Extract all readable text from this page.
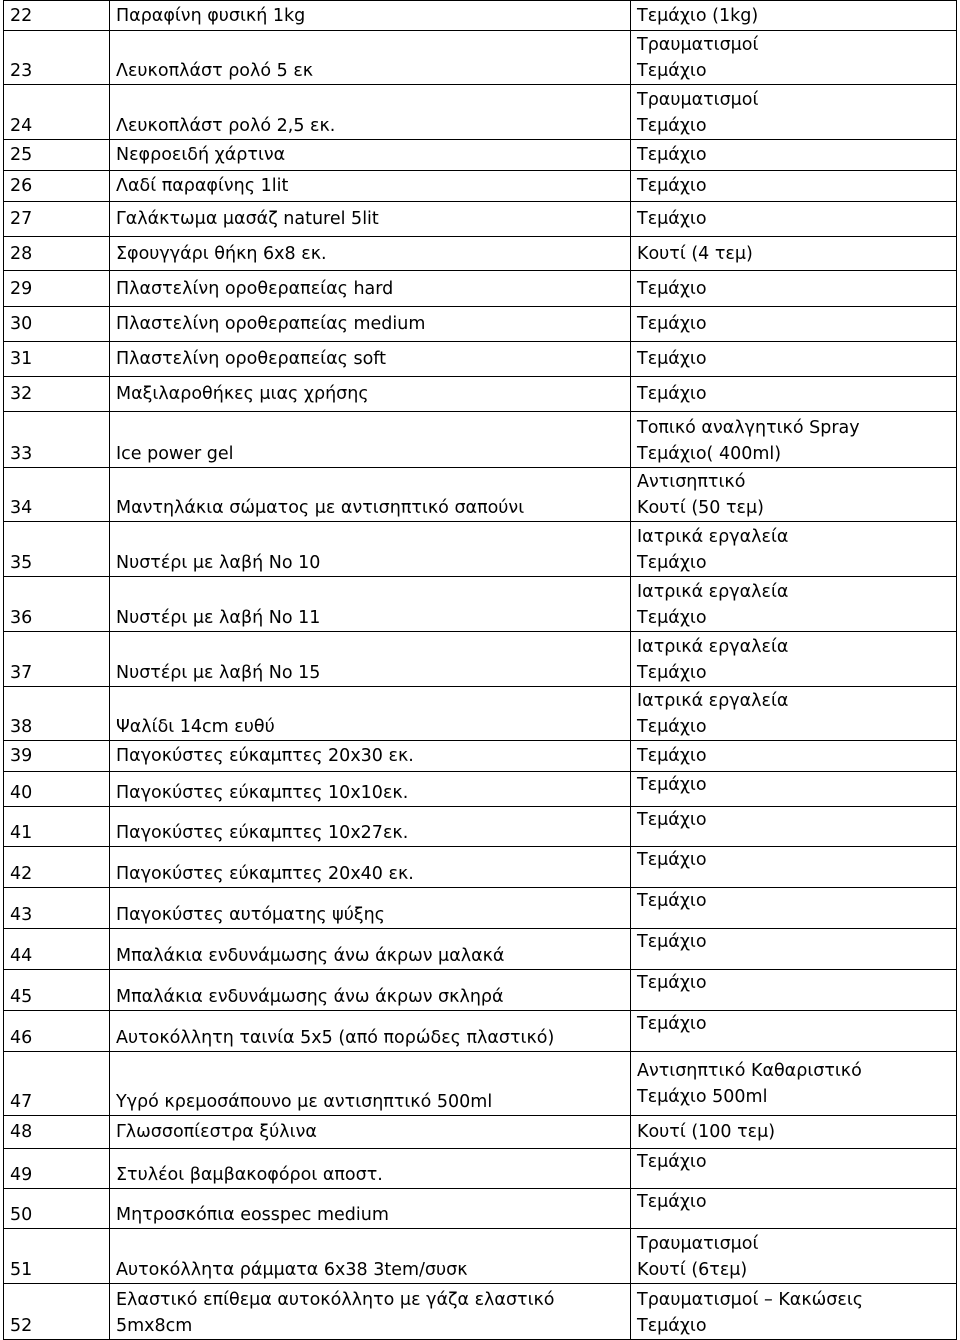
22	Παραφίνη φυσική 1kg	Τεμάχιο (1kg)

23	Λευκοπλάστ ρολό 5 εκ	Τραυματισμοί
Τεμάχιο

24	Λευκοπλάστ ρολό 2,5 εκ.	Τραυματισμοί
Τεμάχιο

25	Νεφροειδή χάρτινα	Τεμάχιο

26	Λαδί παραφίνης 1lit	Τεμάχιο

27	Γαλάκτωμα μασάζ naturel 5lit	Τεμάχιο

28	Σφουγγάρι θήκη 6x8 εκ.	Κουτί (4 τεμ)

29	Πλαστελίνη οροθεραπείας hard	Τεμάχιο

30	Πλαστελίνη οροθεραπείας medium	Τεμάχιο

31	Πλαστελίνη οροθεραπείας soft	Τεμάχιο

32	Μαξιλαροθήκες μιας χρήσης	Τεμάχιο

33	Ice power gel	Τοπικό αναλγητικό Spray
Τεμάχιο( 400ml)

34	Μαντηλάκια σώματος με αντισηπτικό σαπούνι	Αντισηπτικό
Κουτί (50 τεμ)

35	Νυστέρι με λαβή No 10	Ιατρικά εργαλεία
Τεμάχιο

36	Νυστέρι με λαβή No 11	Ιατρικά εργαλεία
Τεμάχιο

37	Νυστέρι με λαβή No 15	Ιατρικά εργαλεία
Τεμάχιο

38	Ψαλίδι 14cm ευθύ	Ιατρικά εργαλεία
Τεμάχιο

39	Παγοκύστες εύκαμπτες 20x30 εκ.	Τεμάχιο

40	Παγοκύστες εύκαμπτες 10x10εκ.	Τεμάχιο

41	Παγοκύστες εύκαμπτες 10x27εκ.	Τεμάχιο

42	Παγοκύστες εύκαμπτες 20x40 εκ.	Τεμάχιο

43	Παγοκύστες αυτόματης ψύξης	Τεμάχιο

44	Μπαλάκια ενδυνάμωσης άνω άκρων μαλακά	Τεμάχιο

45	Μπαλάκια ενδυνάμωσης άνω άκρων σκληρά	Τεμάχιο

46	Αυτοκόλλητη ταινία 5x5 (από πορώδες πλαστικό)	Τεμάχιο

47	Υγρό κρεμοσάπουνο με αντισηπτικό 500ml	Αντισηπτικό Καθαριστικό
Τεμάχιο 500ml

48	Γλωσσοπίεστρα ξύλινα	Κουτί (100 τεμ)

49	Στυλέοι βαμβακοφόροι αποστ.	Τεμάχιο

50	Μητροσκόπια eosspec medium	Τεμάχιο

51	Αυτοκόλλητα ράμματα 6x38 3tem/συσκ	Τραυματισμοί
Κουτί (6τεμ)

52	Ελαστικό επίθεμα αυτοκόλλητο με γάζα ελαστικό
5mx8cm	Τραυματισμοί – Κακώσεις
Τεμάχιο
